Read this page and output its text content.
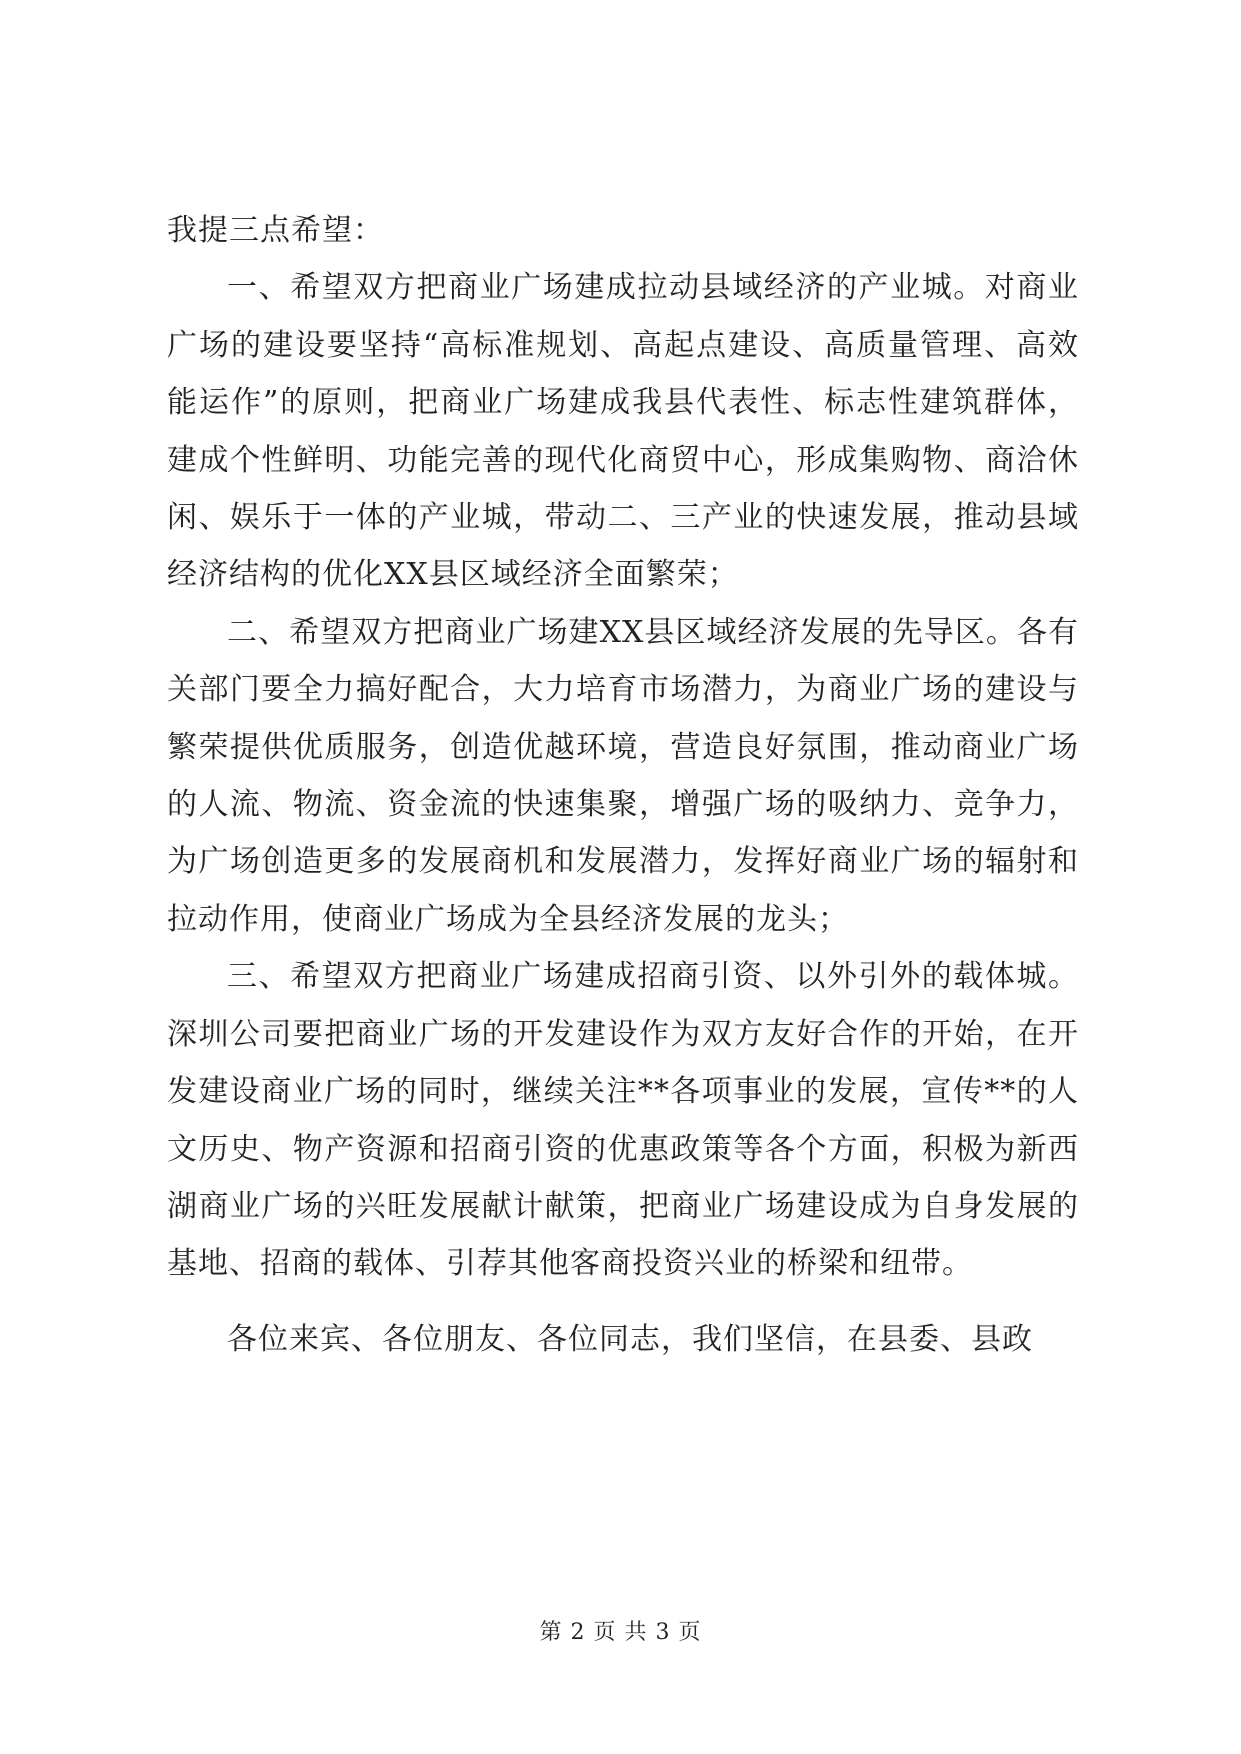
我提三点希望：

一、希望双方把商业广场建成拉动县域经济的产业城。对商业广场的建设要坚持“高标准规划、高起点建设、高质量管理、高效能运作”的原则，把商业广场建成我县代表性、标志性建筑群体，建成个性鲜明、功能完善的现代化商贸中心，形成集购物、商洽休闲、娱乐于一体的产业城，带动二、三产业的快速发展，推动县域经济结构的优化XX县区域经济全面繁荣；

二、希望双方把商业广场建XX县区域经济发展的先导区。各有关部门要全力搞好配合，大力培育市场潜力，为商业广场的建设与繁荣提供优质服务，创造优越环境，营造良好氛围，推动商业广场的人流、物流、资金流的快速集聚，增强广场的吸纳力、竞争力，为广场创造更多的发展商机和发展潜力，发挥好商业广场的辐射和拉动作用，使商业广场成为全县经济发展的龙头；

三、希望双方把商业广场建成招商引资、以外引外的载体城。深圳公司要把商业广场的开发建设作为双方友好合作的开始，在开发建设商业广场的同时，继续关注**各项事业的发展，宣传**的人文历史、物产资源和招商引资的优惠政策等各个方面，积极为新西湖商业广场的兴旺发展献计献策，把商业广场建设成为自身发展的基地、招商的载体、引荐其他客商投资兴业的桥梁和纽带。

各位来宾、各位朋友、各位同志，我们坚信，在县委、县政

第 2 页 共 3 页
